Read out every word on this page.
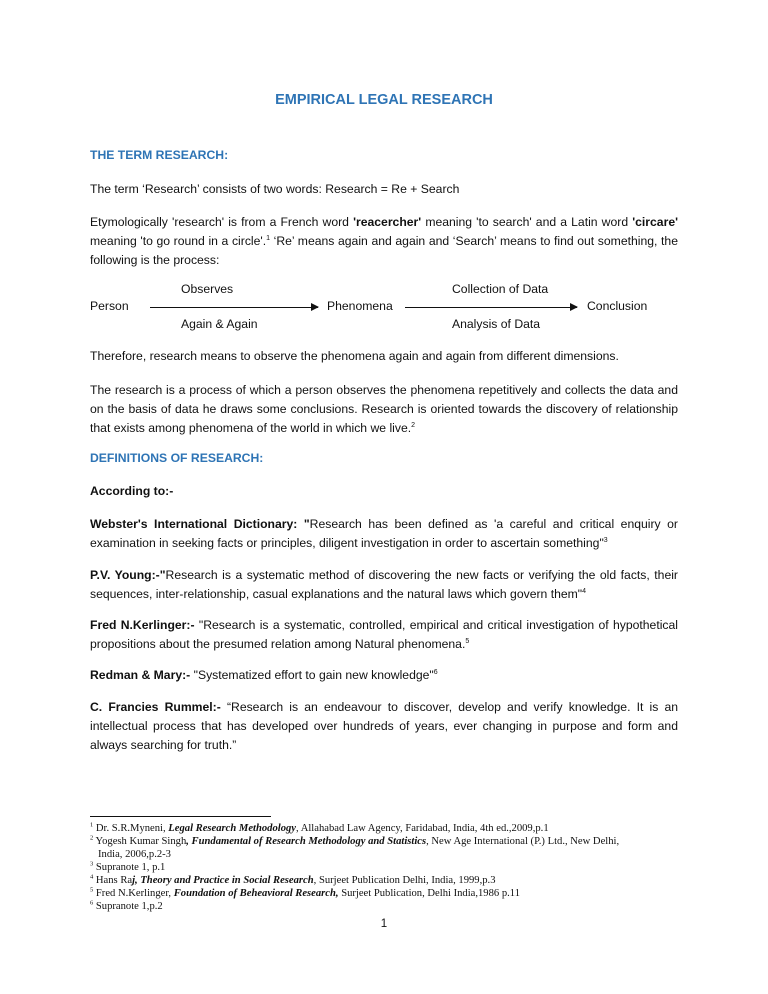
EMPIRICAL LEGAL RESEARCH
THE TERM RESEARCH:
The term ‘Research’ consists of two words: Research = Re + Search
Etymologically 'research' is from a French word 'reacercher' meaning 'to search' and a Latin word 'circare' meaning 'to go round in a circle'.$^1$ ‘Re’ means again and again and ‘Search’ means to find out something, the following is the process:
Observes
Person
Again & Again
Phenomena
Collection of Data
Conclusion
Analysis of Data
Therefore, research means to observe the phenomena again and again from different dimensions.
The research is a process of which a person observes the phenomena repetitively and collects the data and on the basis of data he draws some conclusions. Research is oriented towards the discovery of relationship that exists among phenomena of the world in which we live.$^2$
DEFINITIONS OF RESEARCH:
According to:-
Webster's International Dictionary: "Research has been defined as 'a careful and critical enquiry or examination in seeking facts or principles, diligent investigation in order to ascertain something"$^3$
P.V. Young:-"Research is a systematic method of discovering the new facts or verifying the old facts, their sequences, inter-relationship, casual explanations and the natural laws which govern them"$^4$
Fred N.Kerlinger:- "Research is a systematic, controlled, empirical and critical investigation of hypothetical propositions about the presumed relation among Natural phenomena.$^5$
Redman & Mary:- "Systematized effort to gain new knowledge"$^6$
C. Francies Rummel:- “Research is an endeavour to discover, develop and verify knowledge. It is an intellectual process that has developed over hundreds of years, ever changing in purpose and form and always searching for truth.”

$^1$ Dr. S.R.Myneni, Legal Research Methodology, Allahabad Law Agency, Faridabad, India, 4th ed.,2009,p.1

$^2$ Yogesh Kumar Singh, Fundamental of Research Methodology and Statistics, New Age International (P.) Ltd., New Delhi,
India, 2006,p.2-3

$^3$ Supranote 1, p.1

$^4$ Hans Raj, Theory and Practice in Social Research, Surjeet Publication Delhi, India, 1999,p.3

$^5$ Fred N.Kerlinger, Foundation of Beheavioral Research, Surjeet Publication, Delhi India,1986 p.11

$^6$ Supranote 1,p.2

1
